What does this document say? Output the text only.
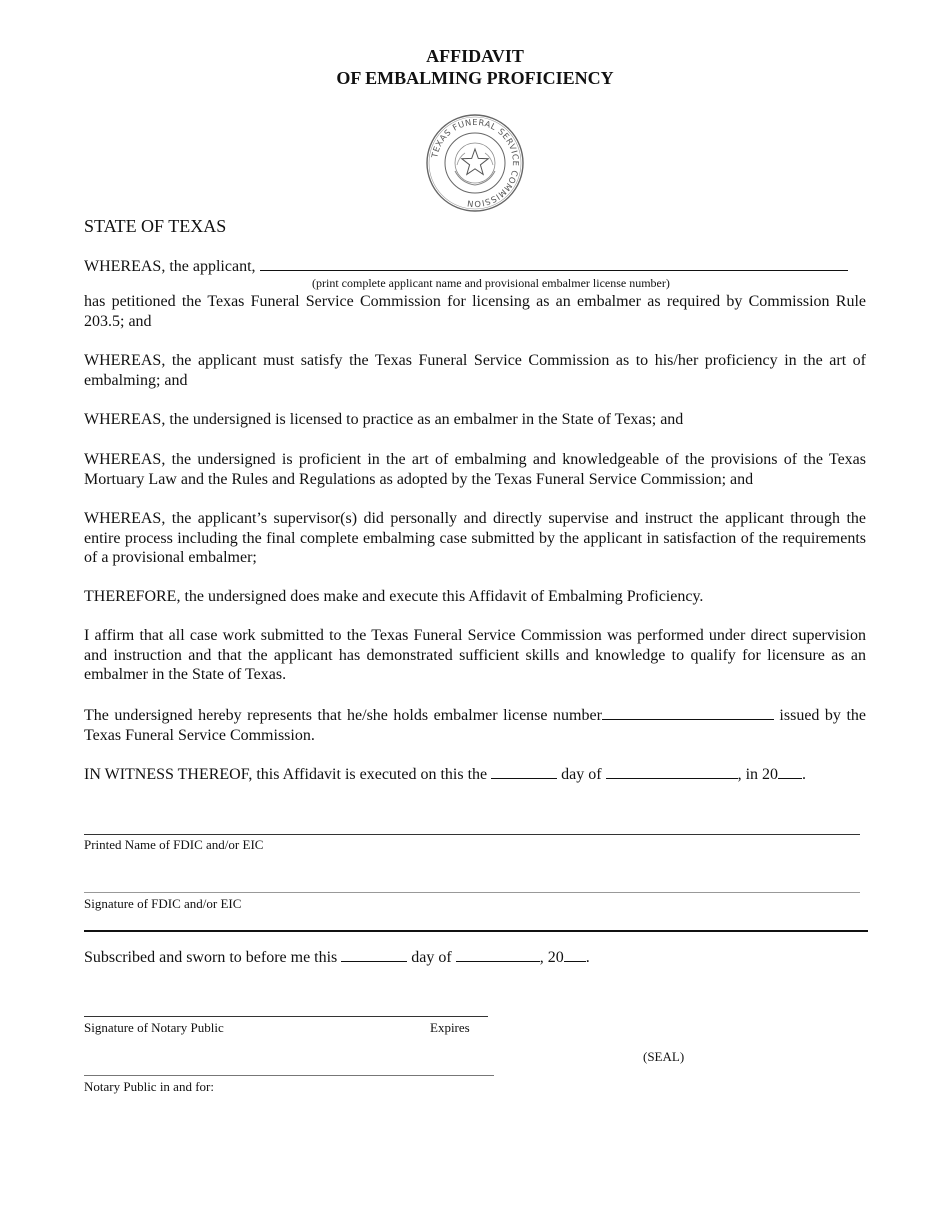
AFFIDAVIT
OF EMBALMING PROFICIENCY
TEXAS FUNERAL SERVICE COMMISSION
STATE OF TEXAS
WHEREAS, the applicant,
(print complete applicant name and provisional embalmer license number)
has petitioned the Texas Funeral Service Commission for licensing as an embalmer as required by Commission Rule 203.5; and
WHEREAS, the applicant must satisfy the Texas Funeral Service Commission as to his/her proficiency in the art of embalming; and
WHEREAS, the undersigned is licensed to practice as an embalmer in the State of Texas; and
WHEREAS, the undersigned is proficient in the art of embalming and knowledgeable of the provisions of the Texas Mortuary Law and the Rules and Regulations as adopted by the Texas Funeral Service Commission; and
WHEREAS, the applicant’s supervisor(s) did personally and directly supervise and instruct the applicant through the entire process including the final complete embalming case submitted by the applicant in satisfaction of the requirements of a provisional embalmer;
THEREFORE, the undersigned does make and execute this Affidavit of Embalming Proficiency.
I affirm that all case work submitted to the Texas Funeral Service Commission was performed under direct supervision and instruction and that the applicant has demonstrated sufficient skills and knowledge to qualify for licensure as an embalmer in the State of Texas.
The undersigned hereby represents that he/she holds embalmer license number	issued by the Texas Funeral Service Commission.
IN WITNESS THEREOF, this Affidavit is executed on this the	day of	, in 20 .
Printed Name of FDIC and/or EIC
Signature of FDIC and/or EIC
Subscribed and sworn to before me this	day of	, 20 .
Signature of Notary Public	Expires
(SEAL)
Notary Public in and for:
